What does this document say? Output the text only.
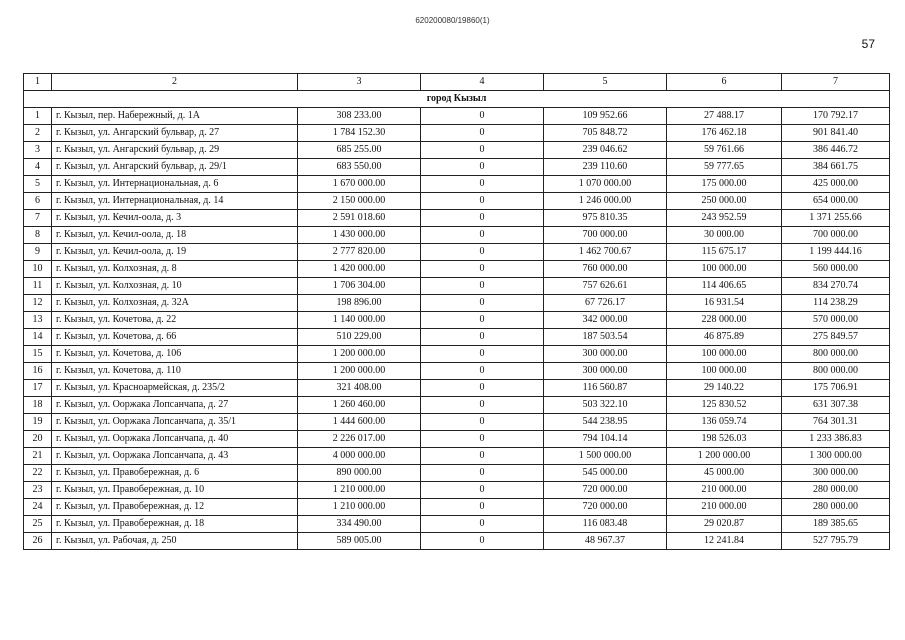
620200080/19860(1)
57
1	2	3	4	5	6	7
город Кызыл						
1	г. Кызыл, пер. Набережный, д. 1А	308 233.00	0	109 952.66	27 488.17	170 792.17
2	г. Кызыл, ул. Ангарский бульвар, д. 27	1 784 152.30	0	705 848.72	176 462.18	901 841.40
3	г. Кызыл, ул. Ангарский бульвар, д. 29	685 255.00	0	239 046.62	59 761.66	386 446.72
4	г. Кызыл, ул. Ангарский бульвар, д. 29/1	683 550.00	0	239 110.60	59 777.65	384 661.75
5	г. Кызыл, ул. Интернациональная, д. 6	1 670 000.00	0	1 070 000.00	175 000.00	425 000.00
6	г. Кызыл, ул. Интернациональная, д. 14	2 150 000.00	0	1 246 000.00	250 000.00	654 000.00
7	г. Кызыл, ул. Кечил-оола, д. 3	2 591 018.60	0	975 810.35	243 952.59	1 371 255.66
8	г. Кызыл, ул. Кечил-оола, д. 18	1 430 000.00	0	700 000.00	30 000.00	700 000.00
9	г. Кызыл, ул. Кечил-оола, д. 19	2 777 820.00	0	1 462 700.67	115 675.17	1 199 444.16
10	г. Кызыл, ул. Колхозная, д. 8	1 420 000.00	0	760 000.00	100 000.00	560 000.00
11	г. Кызыл, ул. Колхозная, д. 10	1 706 304.00	0	757 626.61	114 406.65	834 270.74
12	г. Кызыл, ул. Колхозная, д. 32А	198 896.00	0	67 726.17	16 931.54	114 238.29
13	г. Кызыл, ул. Кочетова, д. 22	1 140 000.00	0	342 000.00	228 000.00	570 000.00
14	г. Кызыл, ул. Кочетова, д. 66	510 229.00	0	187 503.54	46 875.89	275 849.57
15	г. Кызыл, ул. Кочетова, д. 106	1 200 000.00	0	300 000.00	100 000.00	800 000.00
16	г. Кызыл, ул. Кочетова, д. 110	1 200 000.00	0	300 000.00	100 000.00	800 000.00
17	г. Кызыл, ул. Красноармейская, д. 235/2	321 408.00	0	116 560.87	29 140.22	175 706.91
18	г. Кызыл, ул. Ооржака Лопсанчапа, д. 27	1 260 460.00	0	503 322.10	125 830.52	631 307.38
19	г. Кызыл, ул. Ооржака Лопсанчапа, д. 35/1	1 444 600.00	0	544 238.95	136 059.74	764 301.31
20	г. Кызыл, ул. Ооржака Лопсанчапа, д. 40	2 226 017.00	0	794 104.14	198 526.03	1 233 386.83
21	г. Кызыл, ул. Ооржака Лопсанчапа, д. 43	4 000 000.00	0	1 500 000.00	1 200 000.00	1 300 000.00
22	г. Кызыл, ул. Правобережная, д. 6	890 000.00	0	545 000.00	45 000.00	300 000.00
23	г. Кызыл, ул. Правобережная, д. 10	1 210 000.00	0	720 000.00	210 000.00	280 000.00
24	г. Кызыл, ул. Правобережная, д. 12	1 210 000.00	0	720 000.00	210 000.00	280 000.00
25	г. Кызыл, ул. Правобережная, д. 18	334 490.00	0	116 083.48	29 020.87	189 385.65
26	г. Кызыл, ул. Рабочая, д. 250	589 005.00	0	48 967.37	12 241.84	527 795.79
